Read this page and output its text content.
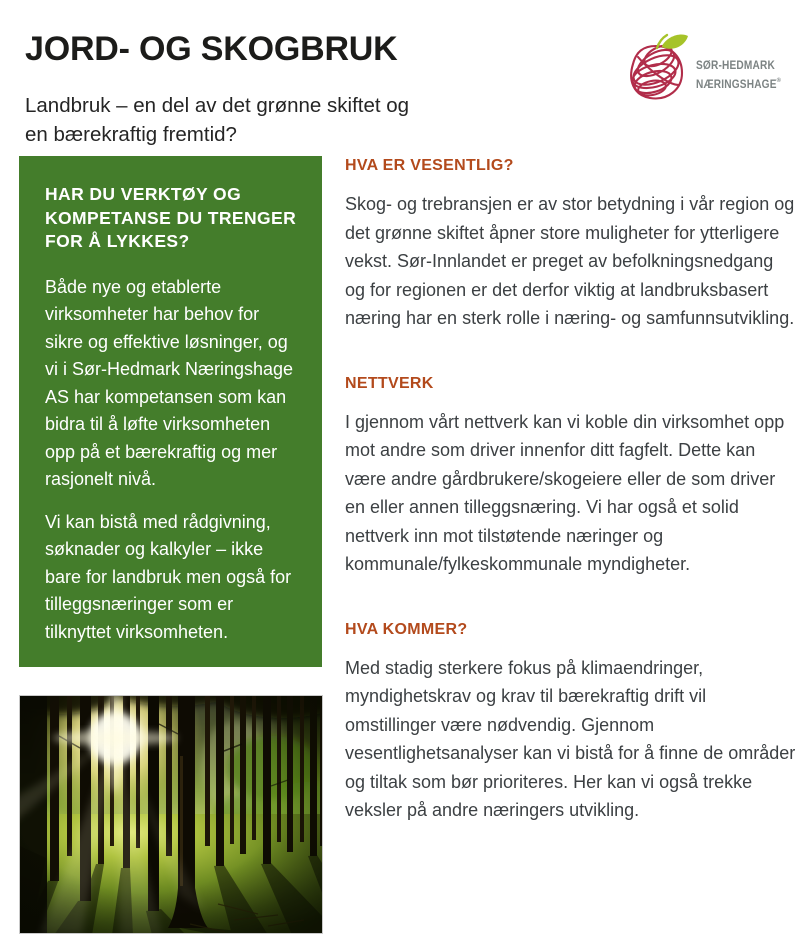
JORD- OG SKOGBRUK

Landbruk – en del av det grønne skiftet og
en bærekraftig fremtid?

SØR-HEDMARK
NÆRINGSHAGE®
HAR DU VERKTØY OG KOMPETANSE DU TRENGER FOR Å LYKKES?

Både nye og etablerte virksomheter har behov for sikre og effektive løsninger, og vi i Sør-Hedmark Næringshage AS har kompetansen som kan bidra til å løfte virksomheten opp på et bærekraftig og mer rasjonelt nivå.

Vi kan bistå med rådgivning, søknader og kalkyler – ikke bare for landbruk men også for tilleggsnæringer som er tilknyttet virksomheten.

HVA ER VESENTLIG?

Skog- og trebransjen er av stor betydning i vår region og det grønne skiftet åpner store muligheter for ytterligere vekst. Sør-Innlandet er preget av befolkningsnedgang og for regionen er det derfor viktig at landbruksbasert næring har en sterk rolle i næring- og samfunnsutvikling.

NETTVERK

I gjennom vårt nettverk kan vi koble din virksomhet opp mot andre som driver innenfor ditt fagfelt. Dette kan være andre gårdbrukere/skogeiere eller de som driver en eller annen tilleggsnæring. Vi har også et solid nettverk inn mot tilstøtende næringer og kommunale/fylkeskommunale myndigheter.

HVA KOMMER?

Med stadig sterkere fokus på klimaendringer, myndighetskrav og krav til bærekraftig drift vil omstillinger være nødvendig. Gjennom vesentlighetsanalyser kan vi bistå for å finne de områder og tiltak som bør prioriteres. Her kan vi også trekke veksler på andre næringers utvikling.
